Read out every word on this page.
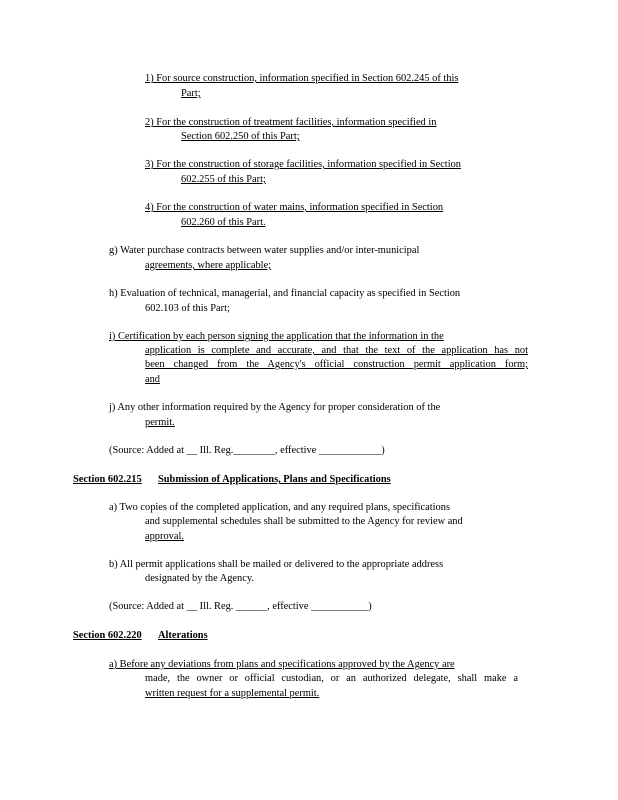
1) For source construction, information specified in Section 602.245 of this
Part;
2) For the construction of treatment facilities, information specified in
Section 602.250 of this Part;
3) For the construction of storage facilities, information specified in Section
602.255 of this Part;
4) For the construction of water mains, information specified in Section
602.260 of this Part.
g) Water purchase contracts between water supplies and/or inter-municipal
agreements, where applicable;
h) Evaluation of technical, managerial, and financial capacity as specified in Section
602.103 of this Part;
i) Certification by each person signing the application that the information in the
application is complete and accurate, and that the text of the application has not
been changed from the Agency's official construction permit application form;
and
j) Any other information required by the Agency for proper consideration of the
permit.
(Source: Added at __ Ill. Reg.________, effective ____________)
Section 602.215 Submission of Applications, Plans and Specifications
a) Two copies of the completed application, and any required plans, specifications
and supplemental schedules shall be submitted to the Agency for review and
approval.
b) All permit applications shall be mailed or delivered to the appropriate address
designated by the Agency.
(Source: Added at __ Ill. Reg. ______, effective ___________)
Section 602.220 Alterations
a) Before any deviations from plans and specifications approved by the Agency are
made, the owner or official custodian, or an authorized delegate, shall make a
written request for a supplemental permit.
